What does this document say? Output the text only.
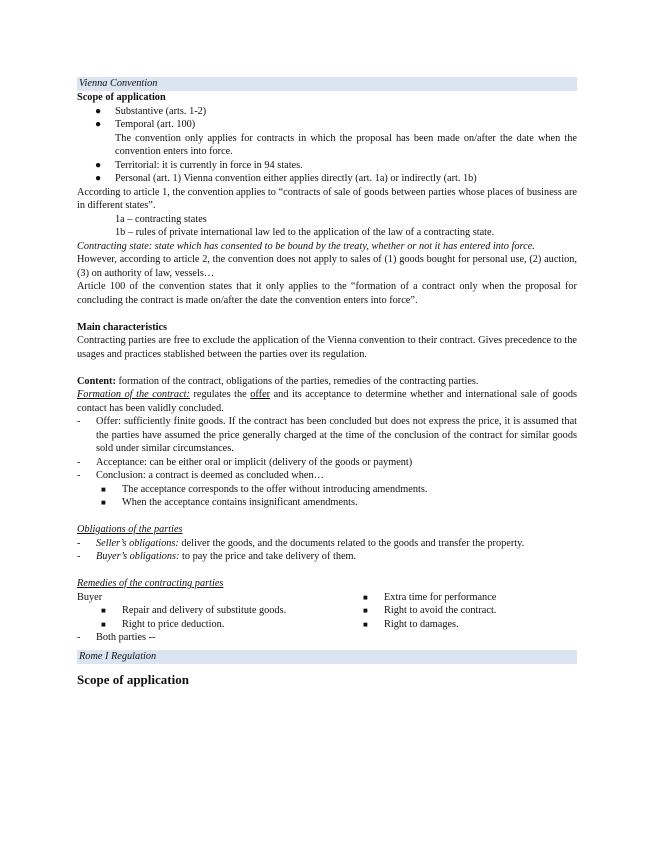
Vienna Convention
Scope of application
● Substantive (arts. 1-2)
● Temporal (art. 100)
The convention only applies for contracts in which the proposal has been made on/after the date when the convention enters into force.
● Territorial: it is currently in force in 94 states.
● Personal (art. 1) Vienna convention either applies directly (art. 1a) or indirectly (art. 1b)
According to article 1, the convention applies to “contracts of sale of goods between parties whose places of business are in different states”.
1a – contracting states
1b – rules of private international law led to the application of the law of a contracting state.
Contracting state: state which has consented to be bound by the treaty, whether or not it has entered into force.
However, according to article 2, the convention does not apply to sales of (1) goods bought for personal use, (2) auction, (3) on authority of law, vessels…
Article 100 of the convention states that it only applies to the “formation of a contract only when the proposal for concluding the contract is made on/after the date the convention enters into force”.
Main characteristics
Contracting parties are free to exclude the application of the Vienna convention to their contract. Gives precedence to the usages and practices stablished between the parties over its regulation.
Content: formation of the contract, obligations of the parties, remedies of the contracting parties.
Formation of the contract: regulates the offer and its acceptance to determine whether and international sale of goods contact has been validly concluded.
- Offer: sufficiently finite goods. If the contract has been concluded but does not express the price, it is assumed that the parties have assumed the price generally charged at the time of the conclusion of the contract for similar goods sold under similar circumstances.
- Acceptance: can be either oral or implicit (delivery of the goods or payment)
- Conclusion: a contract is deemed as concluded when…
■ The acceptance corresponds to the offer without introducing amendments.
■ When the acceptance contains insignificant amendments.
Obligations of the parties
- Seller’s obligations: deliver the goods, and the documents related to the goods and transfer the property.
- Buyer’s obligations: to pay the price and take delivery of them.
Remedies of the contracting parties
Buyer
■ Repair and delivery of substitute goods.
■ Right to price deduction.
■ Extra time for performance
■ Right to avoid the contract.
■ Right to damages.
- Both parties --
Rome I Regulation
Scope of application
